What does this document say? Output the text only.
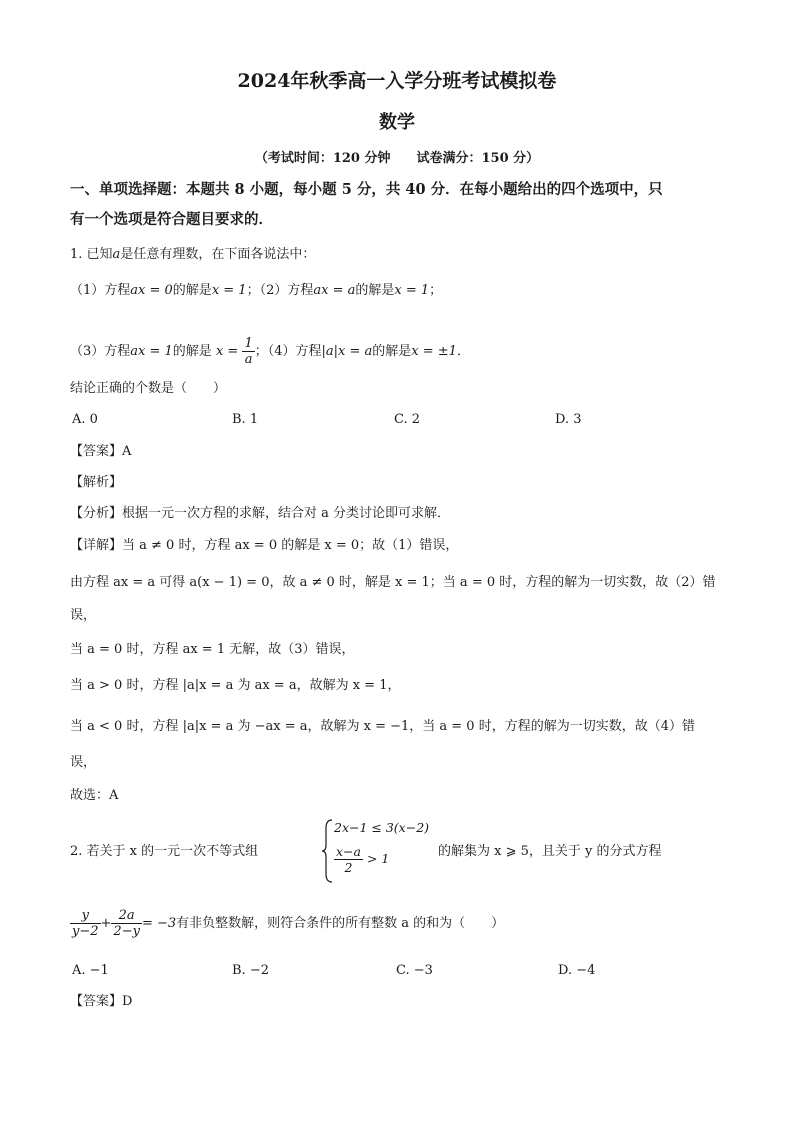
2024年秋季高一入学分班考试模拟卷
数学
（考试时间：120 分钟　　试卷满分：150 分）
一、单项选择题：本题共 8 小题，每小题 5 分，共 40 分．在每小题给出的四个选项中，只
有一个选项是符合题目要求的．
1. 已知a是任意有理数，在下面各说法中：
（1）方程ax = 0的解是x = 1；（2）方程ax = a的解是x = 1；
（3）方程ax = 1的解是 $x = \frac{1}{a}$ ；（4）方程|a|x = a的解是x = ±1．
结论正确的个数是（　　）
A. 0	B. 1	C. 2	D. 3
【答案】A
【解析】
【分析】根据一元一次方程的求解，结合对 a 分类讨论即可求解．
【详解】当 a ≠ 0 时，方程 ax = 0 的解是 x = 0；故（1）错误，
由方程 ax = a 可得 a(x − 1) = 0，故 a ≠ 0 时，解是 x = 1；当 a = 0 时，方程的解为一切实数，故（2）错
误，
当 a = 0 时，方程 ax = 1 无解，故（3）错误，
当 a > 0 时，方程 |a|x = a 为 ax = a，故解为 x = 1，
当 a < 0 时，方程 |a|x = a 为 −ax = a，故解为 x = −1，当 a = 0 时，方程的解为一切实数，故（4）错
误，
故选：A
2. 若关于 x 的一元一次不等式组
2x−1 ≤ 3(x−2)
$\frac{x-a}{2} > 1$	的解集为 x ⩾ 5，且关于 y 的分式方程
$\frac{y}{y-2} + \frac{2a}{2-y} = -3$有非负整数解，则符合条件的所有整数 a 的和为（　　）
A. −1	B. −2	C. −3	D. −4
【答案】D
